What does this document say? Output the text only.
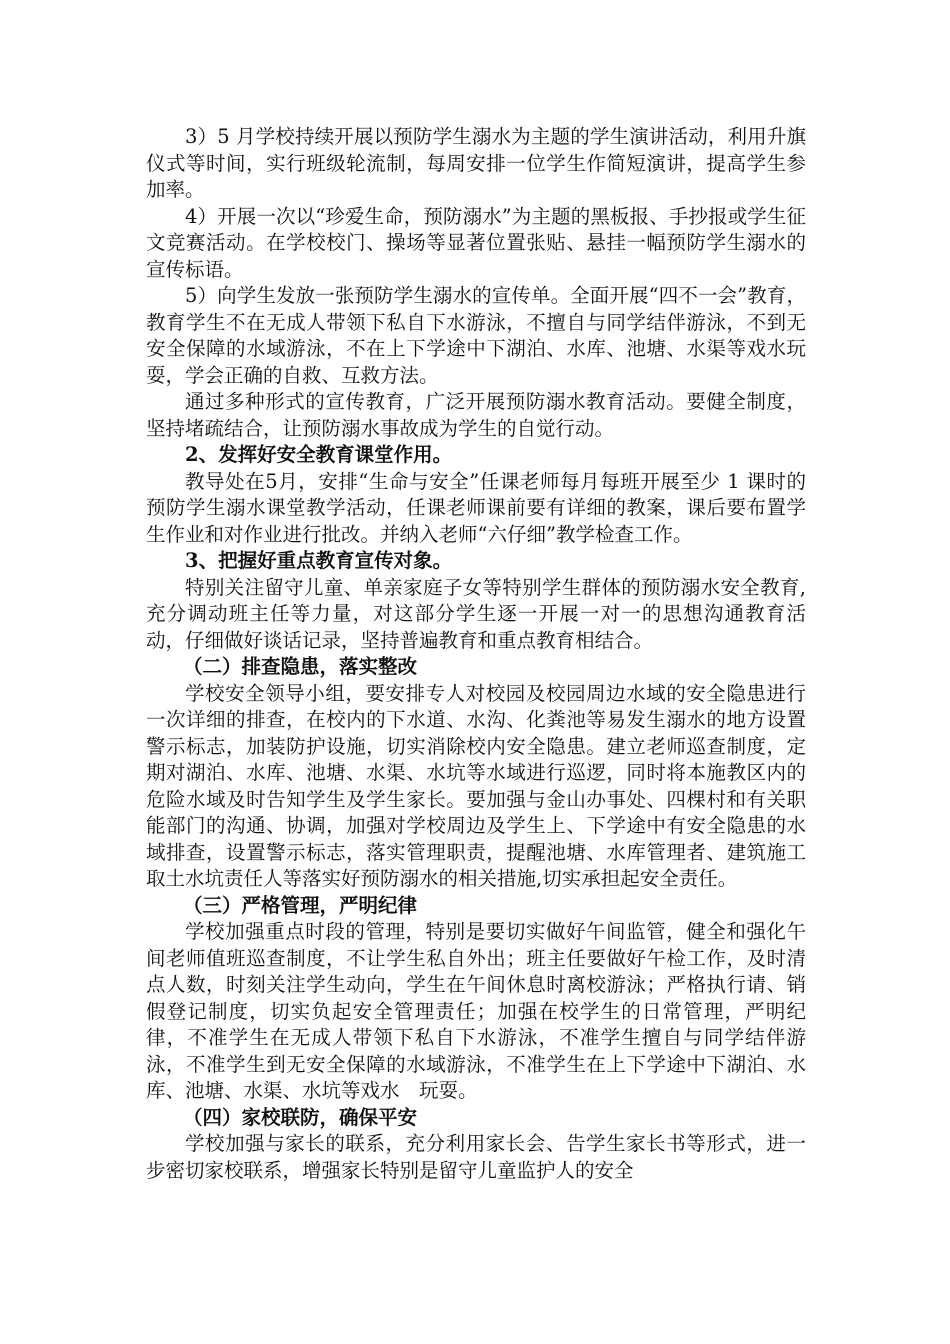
3）5 月学校持续开展以预防学生溺水为主题的学生演讲活动，利用升旗仪式等时间，实行班级轮流制，每周安排一位学生作简短演讲，提高学生参加率。

4）开展一次以“珍爱生命，预防溺水”为主题的黑板报、手抄报或学生征文竞赛活动。在学校校门、操场等显著位置张贴、悬挂一幅预防学生溺水的宣传标语。

5）向学生发放一张预防学生溺水的宣传单。全面开展“四不一会”教育，教育学生不在无成人带领下私自下水游泳，不擅自与同学结伴游泳，不到无安全保障的水域游泳，不在上下学途中下湖泊、水库、池塘、水渠等戏水玩耍，学会正确的自救、互救方法。

通过多种形式的宣传教育，广泛开展预防溺水教育活动。要健全制度，坚持堵疏结合，让预防溺水事故成为学生的自觉行动。

2、发挥好安全教育课堂作用。

教导处在5月，安排“生命与安全”任课老师每月每班开展至少 1 课时的预防学生溺水课堂教学活动，任课老师课前要有详细的教案，课后要布置学生作业和对作业进行批改。并纳入老师“六仔细”教学检查工作。

3、把握好重点教育宣传对象。

特别关注留守儿童、单亲家庭子女等特别学生群体的预防溺水安全教育,充分调动班主任等力量，对这部分学生逐一开展一对一的思想沟通教育活动，仔细做好谈话记录，坚持普遍教育和重点教育相结合。

（二）排查隐患，落实整改

学校安全领导小组，要安排专人对校园及校园周边水域的安全隐患进行一次详细的排查，在校内的下水道、水沟、化粪池等易发生溺水的地方设置警示标志，加装防护设施，切实消除校内安全隐患。建立老师巡查制度，定期对湖泊、水库、池塘、水渠、水坑等水域进行巡逻，同时将本施教区内的危险水域及时告知学生及学生家长。要加强与金山办事处、四棵村和有关职能部门的沟通、协调，加强对学校周边及学生上、下学途中有安全隐患的水域排查，设置警示标志，落实管理职责，提醒池塘、水库管理者、建筑施工取土水坑责任人等落实好预防溺水的相关措施,切实承担起安全责任。

（三）严格管理，严明纪律

学校加强重点时段的管理，特别是要切实做好午间监管，健全和强化午间老师值班巡查制度，不让学生私自外出；班主任要做好午检工作，及时清点人数，时刻关注学生动向，学生在午间休息时离校游泳；严格执行请、销假登记制度，切实负起安全管理责任；加强在校学生的日常管理，严明纪律，不准学生在无成人带领下私自下水游泳，不准学生擅自与同学结伴游泳，不准学生到无安全保障的水域游泳，不准学生在上下学途中下湖泊、水库、池塘、水渠、水坑等戏水　玩耍。

（四）家校联防，确保平安

学校加强与家长的联系，充分利用家长会、告学生家长书等形式，进一步密切家校联系，增强家长特别是留守儿童监护人的安全
